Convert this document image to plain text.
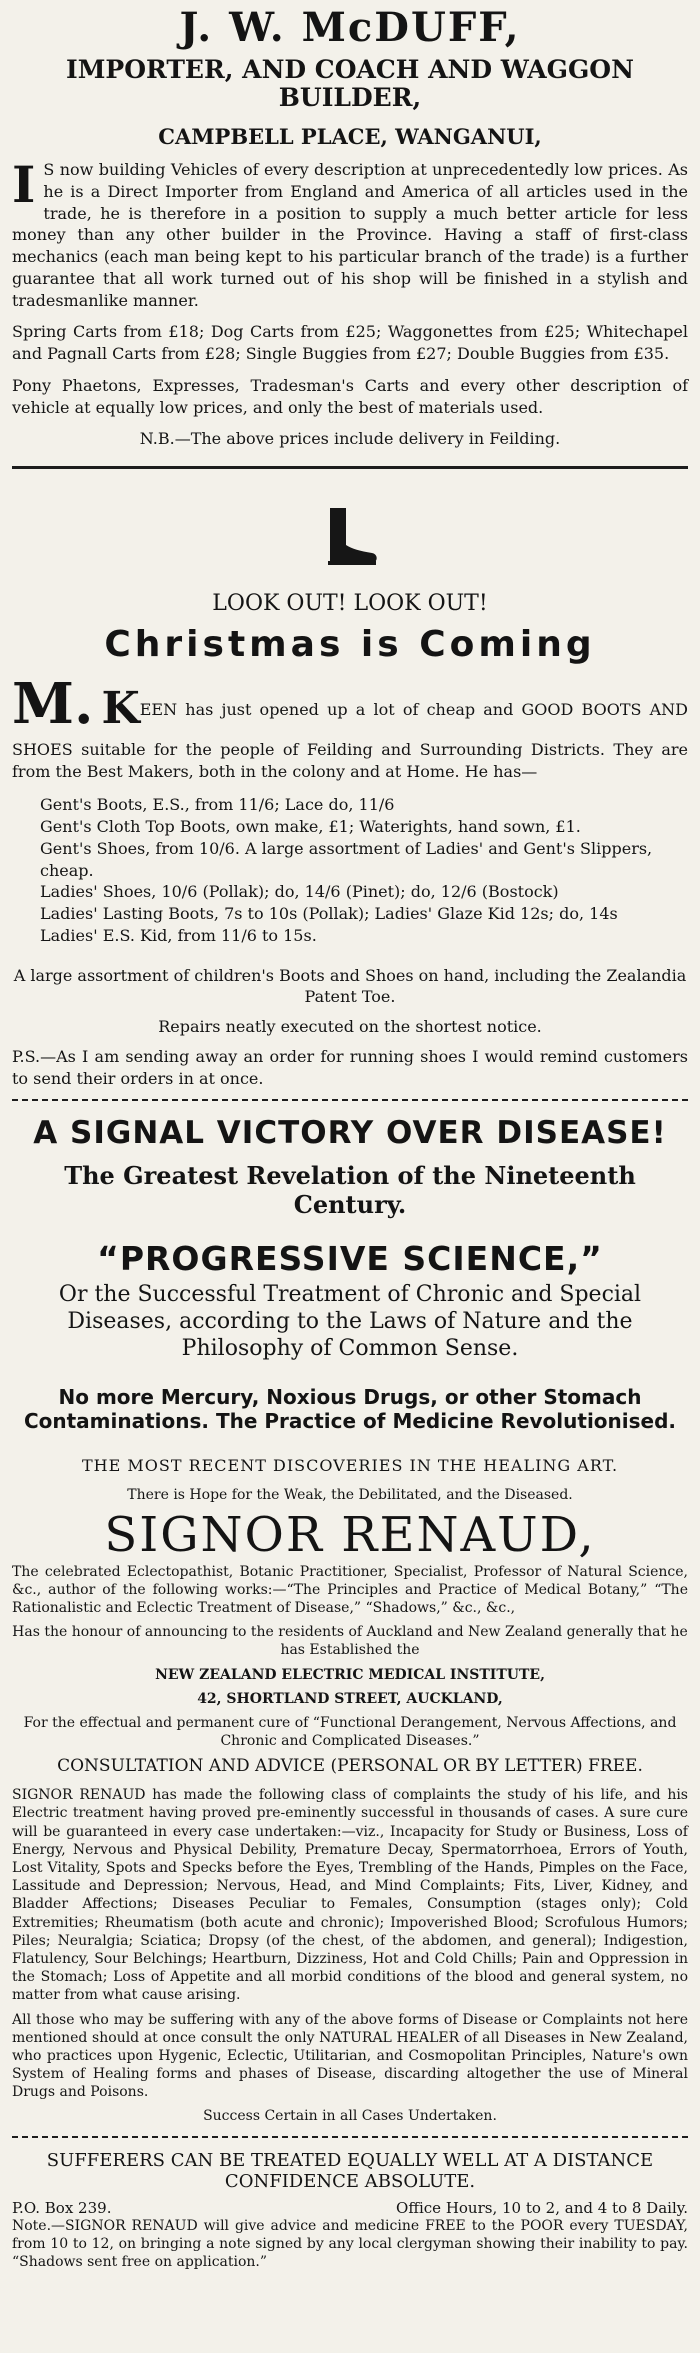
J. W. McDUFF,
IMPORTER, AND COACH AND WAGGON BUILDER,
CAMPBELL PLACE, WANGANUI,

I S now building Vehicles of every description at unprecedentedly low prices. As he is a Direct Importer from England and America of all articles used in the trade, he is therefore in a position to supply a much better article for less money than any other builder in the Province. Having a staff of first-class mechanics (each man being kept to his particular branch of the trade) is a further guarantee that all work turned out of his shop will be finished in a stylish and tradesmanlike manner.

Spring Carts from £18; Dog Carts from £25; Waggonettes from £25; Whitechapel and Pagnall Carts from £28; Single Buggies from £27; Double Buggies from £35.

Pony Phaetons, Expresses, Tradesman's Carts and every other description of vehicle at equally low prices, and only the best of materials used.

N.B.—The above prices include delivery in Feilding.

LOOK OUT! LOOK OUT!

Christmas is Coming

M. KEEN has just opened up a lot of cheap and GOOD BOOTS AND SHOES suitable for the people of Feilding and Surrounding Districts. They are from the Best Makers, both in the colony and at Home. He has—

Gent's Boots, E.S., from 11/6; Lace do, 11/6
Gent's Cloth Top Boots, own make, £1; Waterights, hand sown, £1.
Gent's Shoes, from 10/6. A large assortment of Ladies' and Gent's Slippers, cheap.
Ladies' Shoes, 10/6 (Pollak); do, 14/6 (Pinet); do, 12/6 (Bostock)
Ladies' Lasting Boots, 7s to 10s (Pollak); Ladies' Glaze Kid 12s; do, 14s
Ladies' E.S. Kid, from 11/6 to 15s.

A large assortment of children's Boots and Shoes on hand, including the Zealandia Patent Toe.

Repairs neatly executed on the shortest notice.

P.S.—As I am sending away an order for running shoes I would remind customers to send their orders in at once.

A SIGNAL VICTORY OVER DISEASE!

The Greatest Revelation of the Nineteenth Century.

“PROGRESSIVE SCIENCE,”

Or the Successful Treatment of Chronic and Special Diseases, according to the Laws of Nature and the Philosophy of Common Sense.

No more Mercury, Noxious Drugs, or other Stomach Contaminations. The Practice of Medicine Revolutionised.

THE MOST RECENT DISCOVERIES IN THE HEALING ART.

There is Hope for the Weak, the Debilitated, and the Diseased.

SIGNOR RENAUD,

The celebrated Eclectopathist, Botanic Practitioner, Specialist, Professor of Natural Science, &c., author of the following works:—“The Principles and Practice of Medical Botany,” “The Rationalistic and Eclectic Treatment of Disease,” “Shadows,” &c., &c.,

Has the honour of announcing to the residents of Auckland and New Zealand generally that he has Established the

NEW ZEALAND ELECTRIC MEDICAL INSTITUTE,

42, SHORTLAND STREET, AUCKLAND,

For the effectual and permanent cure of “Functional Derangement, Nervous Affections, and Chronic and Complicated Diseases.”

CONSULTATION AND ADVICE (PERSONAL OR BY LETTER) FREE.

SIGNOR RENAUD has made the following class of complaints the study of his life, and his Electric treatment having proved pre-eminently successful in thousands of cases. A sure cure will be guaranteed in every case undertaken:—viz., Incapacity for Study or Business, Loss of Energy, Nervous and Physical Debility, Premature Decay, Spermatorrhoea, Errors of Youth, Lost Vitality, Spots and Specks before the Eyes, Trembling of the Hands, Pimples on the Face, Lassitude and Depression; Nervous, Head, and Mind Complaints; Fits, Liver, Kidney, and Bladder Affections; Diseases Peculiar to Females, Consumption (stages only); Cold Extremities; Rheumatism (both acute and chronic); Impoverished Blood; Scrofulous Humors; Piles; Neuralgia; Sciatica; Dropsy (of the chest, of the abdomen, and general); Indigestion, Flatulency, Sour Belchings; Heartburn, Dizziness, Hot and Cold Chills; Pain and Oppression in the Stomach; Loss of Appetite and all morbid conditions of the blood and general system, no matter from what cause arising.

All those who may be suffering with any of the above forms of Disease or Complaints not here mentioned should at once consult the only NATURAL HEALER of all Diseases in New Zealand, who practices upon Hygenic, Eclectic, Utilitarian, and Cosmopolitan Principles, Nature's own System of Healing forms and phases of Disease, discarding altogether the use of Mineral Drugs and Poisons.

Success Certain in all Cases Undertaken.

SUFFERERS CAN BE TREATED EQUALLY WELL AT A DISTANCE CONFIDENCE ABSOLUTE.

P.O. Box 239.	Office Hours, 10 to 2, and 4 to 8 Daily.

Note.—SIGNOR RENAUD will give advice and medicine FREE to the POOR every TUESDAY, from 10 to 12, on bringing a note signed by any local clergyman showing their inability to pay. “Shadows sent free on application.”
